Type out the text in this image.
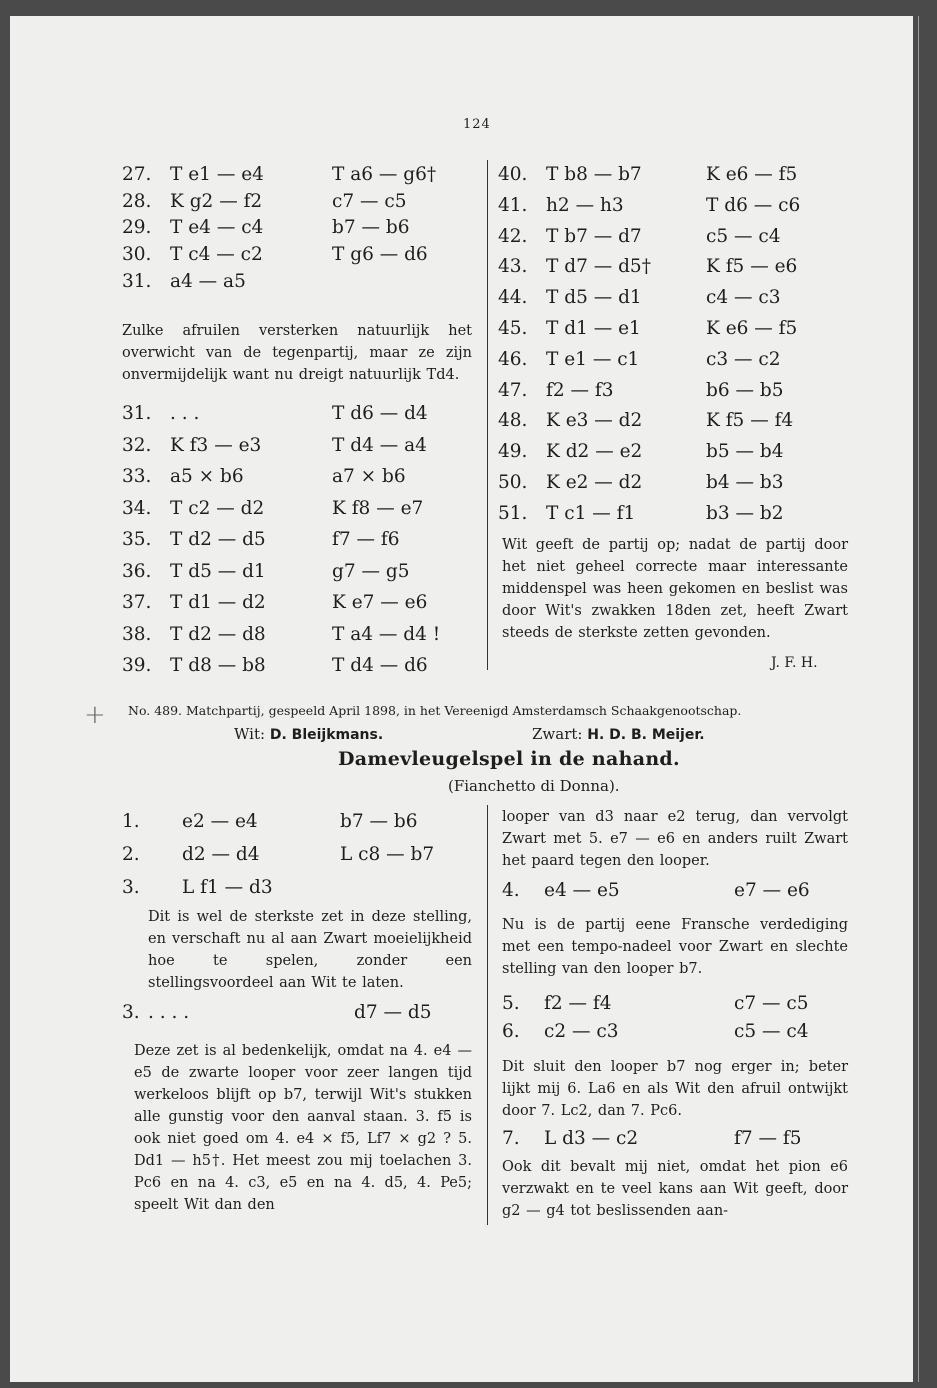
124
27. T e1 — e4	T a6 — g6†
28. K g2 — f2	c7 — c5
29. T e4 — c4	b7 — b6
30. T c4 — c2	T g6 — d6
31. a4 — a5
Zulke afruilen versterken natuurlijk het overwicht van de tegenpartij, maar ze zijn onvermijdelijk want nu dreigt natuurlijk Td4.
31. . . .	T d6 — d4
32. K f3 — e3	T d4 — a4
33. a5 × b6	a7 × b6
34. T c2 — d2	K f8 — e7
35. T d2 — d5	f7 — f6
36. T d5 — d1	g7 — g5
37. T d1 — d2	K e7 — e6
38. T d2 — d8	T a4 — d4 !
39. T d8 — b8	T d4 — d6
40. T b8 — b7	K e6 — f5
41. h2 — h3	T d6 — c6
42. T b7 — d7	c5 — c4
43. T d7 — d5†	K f5 — e6
44. T d5 — d1	c4 — c3
45. T d1 — e1	K e6 — f5
46. T e1 — c1	c3 — c2
47. f2 — f3	b6 — b5
48. K e3 — d2	K f5 — f4
49. K d2 — e2	b5 — b4
50. K e2 — d2	b4 — b3
51. T c1 — f1	b3 — b2
Wit geeft de partij op; nadat de partij door het niet geheel correcte maar interessante middenspel was heen gekomen en beslist was door Wit's zwakken 18den zet, heeft Zwart steeds de sterkste zetten gevonden.
J. F. H.
+ No. 489. Matchpartij, gespeeld April 1898, in het Vereenigd Amsterdamsch Schaakgenootschap.
Wit: D. Bleijkmans.	Zwart: H. D. B. Meijer.
Damevleugelspel in de nahand.
(Fianchetto di Donna).
1. e2 — e4	b7 — b6
2. d2 — d4	L c8 — b7
3. L f1 — d3
Dit is wel de sterkste zet in deze stelling, en verschaft nu al aan Zwart moeielijkheid hoe te spelen, zonder een stellingsvoordeel aan Wit te laten.
3. . . . .	d7 — d5
Deze zet is al bedenkelijk, omdat na 4. e4 — e5 de zwarte looper voor zeer langen tijd werkeloos blijft op b7, terwijl Wit's stukken alle gunstig voor den aanval staan. 3. f5 is ook niet goed om 4. e4 × f5, Lf7 × g2 ? 5. Dd1 — h5†. Het meest zou mij toelachen 3. Pc6 en na 4. c3, e5 en na 4. d5, 4. Pe5; speelt Wit dan den
looper van d3 naar e2 terug, dan vervolgt Zwart met 5. e7 — e6 en anders ruilt Zwart het paard tegen den looper.
4. e4 — e5	e7 — e6
Nu is de partij eene Fransche verdediging met een tempo-nadeel voor Zwart en slechte stelling van den looper b7.
5. f2 — f4	c7 — c5
6. c2 — c3	c5 — c4
Dit sluit den looper b7 nog erger in; beter lijkt mij 6. La6 en als Wit den afruil ontwijkt door 7. Lc2, dan 7. Pc6.
7. L d3 — c2	f7 — f5
Ook dit bevalt mij niet, omdat het pion e6 verzwakt en te veel kans aan Wit geeft, door g2 — g4 tot beslissenden aan-
